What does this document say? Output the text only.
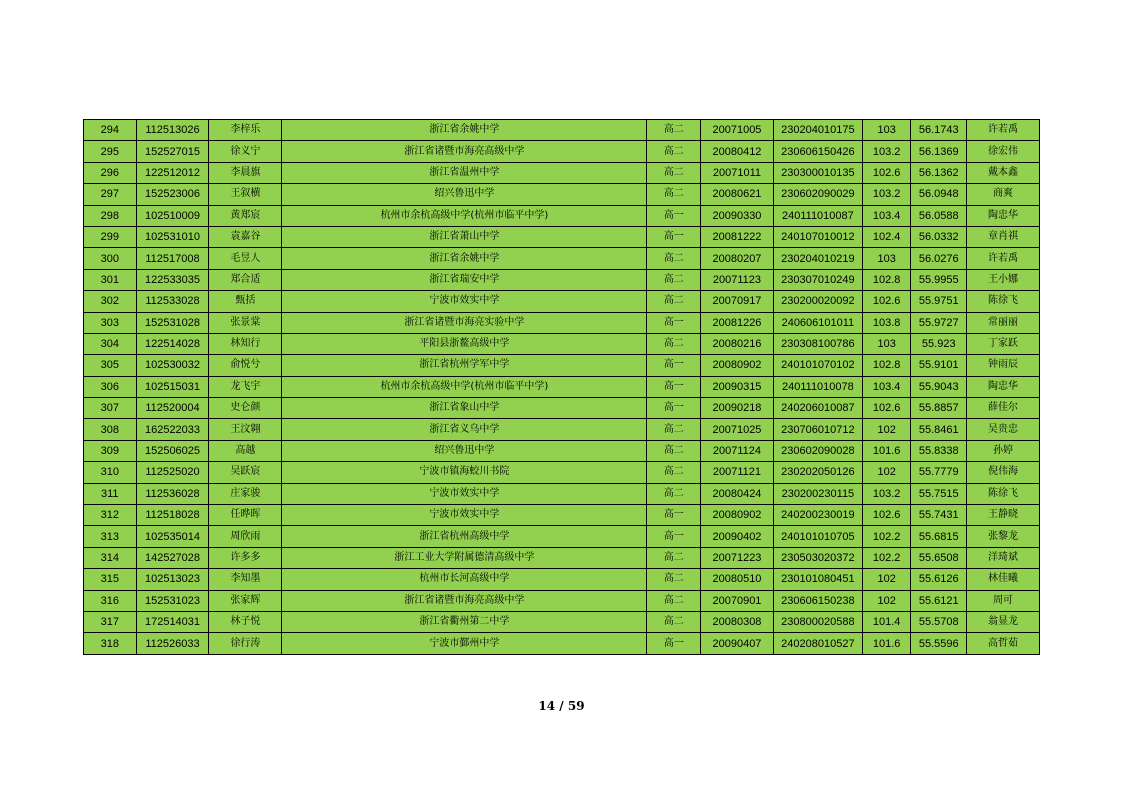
294	112513026	李梓乐	浙江省余姚中学	高二	20071005	230204010175	103	56.1743	许若禹
295	152527015	徐义宁	浙江省诸暨市海亮高级中学	高二	20080412	230606150426	103.2	56.1369	徐宏伟
296	122512012	李晨旗	浙江省温州中学	高二	20071011	230300010135	102.6	56.1362	戴本鑫
297	152523006	王叙横	绍兴鲁迅中学	高二	20080621	230602090029	103.2	56.0948	商爽
298	102510009	黄郑宸	杭州市余杭高级中学(杭州市临平中学)	高一	20090330	240111010087	103.4	56.0588	陶忠华
299	102531010	袁嘉谷	浙江省萧山中学	高一	20081222	240107010012	102.4	56.0332	章肖祺
300	112517008	毛昱人	浙江省余姚中学	高二	20080207	230204010219	103	56.0276	许若禹
301	122533035	郑合适	浙江省瑞安中学	高二	20071123	230307010249	102.8	55.9955	王小娜
302	112533028	甄括	宁波市效实中学	高二	20070917	230200020092	102.6	55.9751	陈徐飞
303	152531028	张景棠	浙江省诸暨市海亮实验中学	高一	20081226	240606101011	103.8	55.9727	常丽丽
304	122514028	林知行	平阳县浙鳌高级中学	高二	20080216	230308100786	103	55.923	丁家跃
305	102530032	俞悦兮	浙江省杭州学军中学	高一	20080902	240101070102	102.8	55.9101	钟雨辰
306	102515031	龙飞宇	杭州市余杭高级中学(杭州市临平中学)	高一	20090315	240111010078	103.4	55.9043	陶忠华
307	112520004	史仑颜	浙江省象山中学	高一	20090218	240206010087	102.6	55.8857	薛佳尔
308	162522033	王汶翱	浙江省义乌中学	高二	20071025	230706010712	102	55.8461	吴贵忠
309	152506025	高越	绍兴鲁迅中学	高二	20071124	230602090028	101.6	55.8338	孙婷
310	112525020	吴跃宸	宁波市镇海蛟川书院	高二	20071121	230202050126	102	55.7779	倪伟海
311	112536028	庄家骏	宁波市效实中学	高二	20080424	230200230115	103.2	55.7515	陈徐飞
312	112518028	任晔晖	宁波市效实中学	高一	20080902	240200230019	102.6	55.7431	王静晓
313	102535014	周欣雨	浙江省杭州高级中学	高一	20090402	240101010705	102.2	55.6815	张黎龙
314	142527028	许多多	浙江工业大学附属德清高级中学	高二	20071223	230503020372	102.2	55.6508	洋琦斌
315	102513023	李知墨	杭州市长河高级中学	高二	20080510	230101080451	102	55.6126	林佳曦
316	152531023	张家辉	浙江省诸暨市海亮高级中学	高二	20070901	230606150238	102	55.6121	周可
317	172514031	林子悦	浙江省衢州第二中学	高二	20080308	230800020588	101.4	55.5708	翁显龙
318	112526033	徐行涛	宁波市鄞州中学	高一	20090407	240208010527	101.6	55.5596	高哲茹
14 / 59
